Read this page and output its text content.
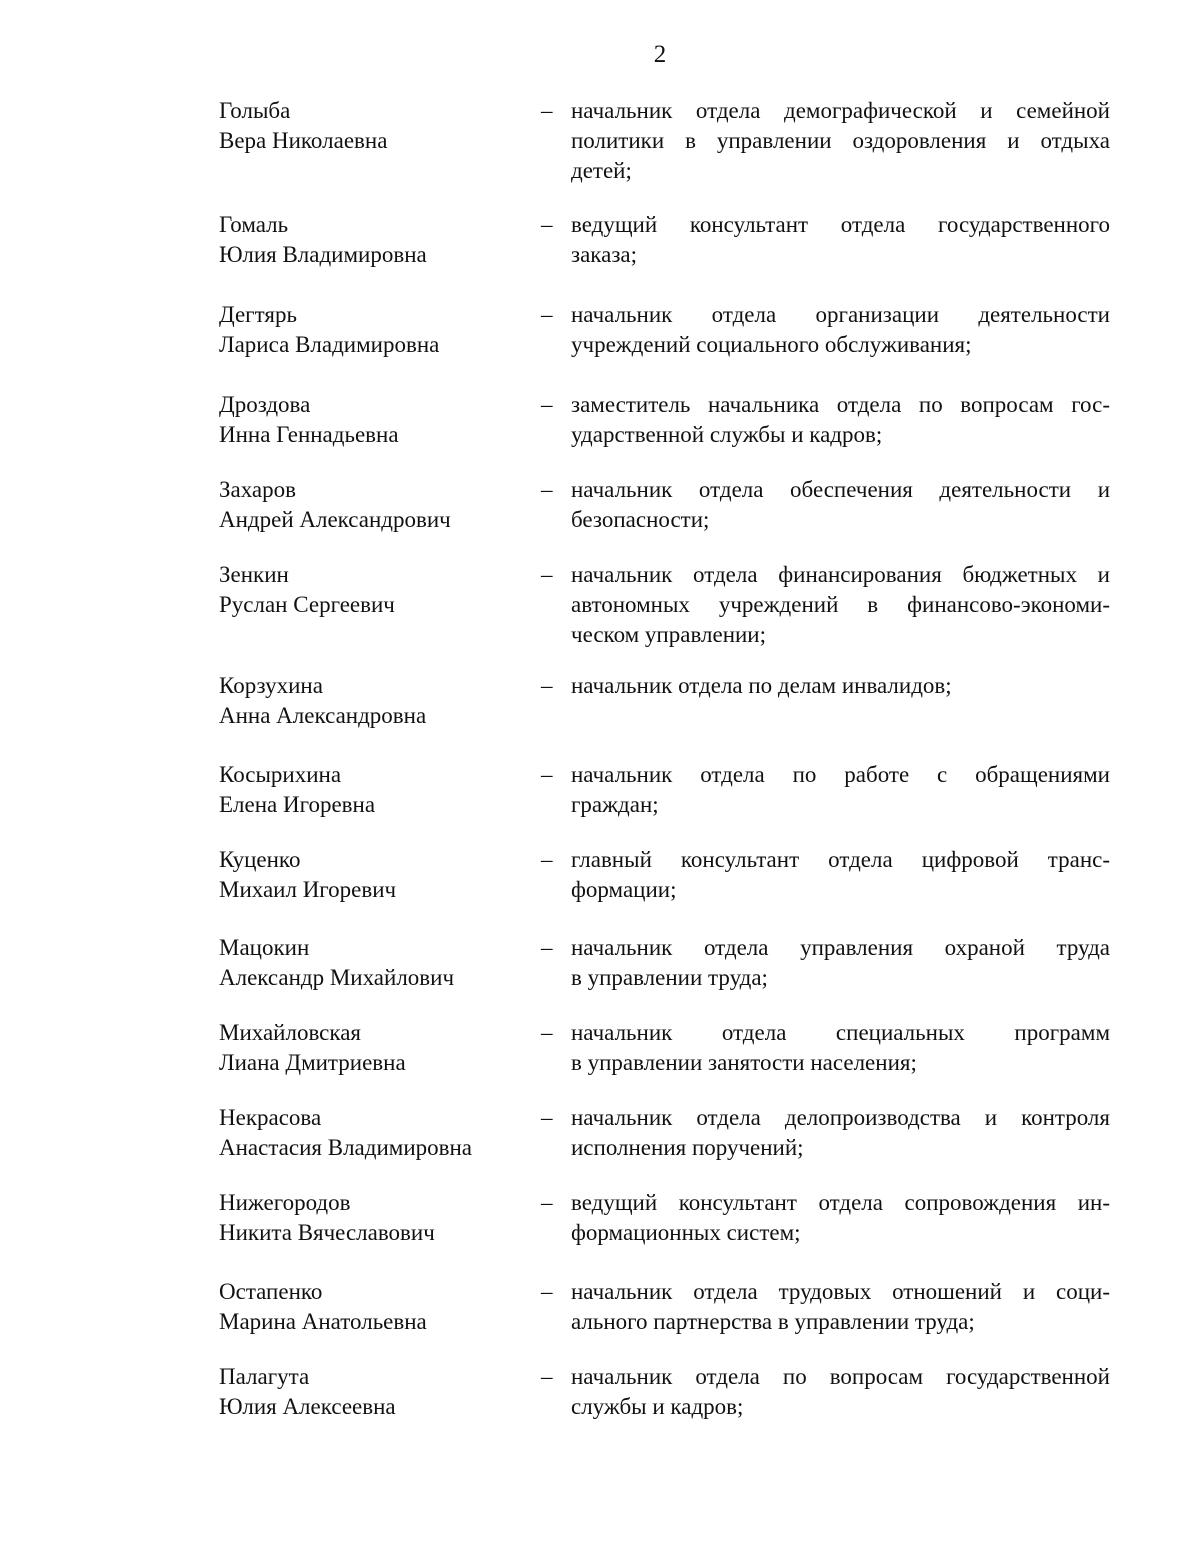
2
Голыба
Вера Николаевна
– начальник отдела демографической и семейной
политики в управлении оздоровления и отдыха
детей;
Гомаль
Юлия Владимировна
– ведущий консультант отдела государственного
заказа;
Дегтярь
Лариса Владимировна
– начальник отдела организации деятельности
учреждений социального обслуживания;
Дроздова
Инна Геннадьевна
– заместитель начальника отдела по вопросам гос-
ударственной службы и кадров;
Захаров
Андрей Александрович
– начальник отдела обеспечения деятельности и
безопасности;
Зенкин
Руслан Сергеевич
– начальник отдела финансирования бюджетных и
автономных учреждений в финансово-экономи-
ческом управлении;
Корзухина
Анна Александровна
– начальник отдела по делам инвалидов;
Косырихина
Елена Игоревна
– начальник отдела по работе с обращениями
граждан;
Куценко
Михаил Игоревич
– главный консультант отдела цифровой транс-
формации;
Мацокин
Александр Михайлович
– начальник отдела управления охраной труда
в управлении труда;
Михайловская
Лиана Дмитриевна
– начальник отдела специальных программ
в управлении занятости населения;
Некрасова
Анастасия Владимировна
– начальник отдела делопроизводства и контроля
исполнения поручений;
Нижегородов
Никита Вячеславович
– ведущий консультант отдела сопровождения ин-
формационных систем;
Остапенко
Марина Анатольевна
– начальник отдела трудовых отношений и соци-
ального партнерства в управлении труда;
Палагута
Юлия Алексеевна
– начальник отдела по вопросам государственной
службы и кадров;
